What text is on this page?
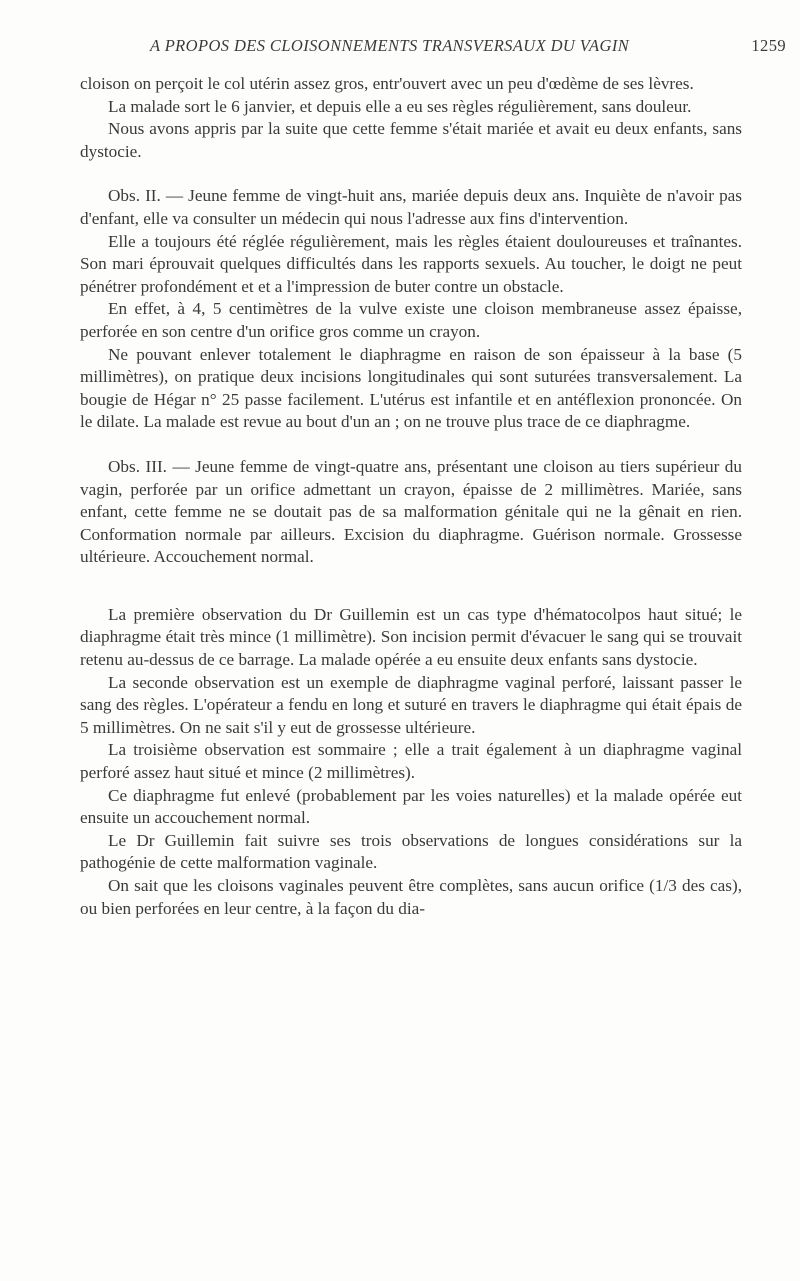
A PROPOS DES CLOISONNEMENTS TRANSVERSAUX DU VAGIN	1259

cloison on perçoit le col utérin assez gros, entr'ouvert avec un peu d'œdème de ses lèvres.

La malade sort le 6 janvier, et depuis elle a eu ses règles régulièrement, sans douleur.

Nous avons appris par la suite que cette femme s'était mariée et avait eu deux enfants, sans dystocie.

Obs. II. — Jeune femme de vingt-huit ans, mariée depuis deux ans. Inquiète de n'avoir pas d'enfant, elle va consulter un médecin qui nous l'adresse aux fins d'intervention.

Elle a toujours été réglée régulièrement, mais les règles étaient douloureuses et traînantes. Son mari éprouvait quelques difficultés dans les rapports sexuels. Au toucher, le doigt ne peut pénétrer profondément et et a l'impression de buter contre un obstacle.

En effet, à 4, 5 centimètres de la vulve existe une cloison membraneuse assez épaisse, perforée en son centre d'un orifice gros comme un crayon.

Ne pouvant enlever totalement le diaphragme en raison de son épaisseur à la base (5 millimètres), on pratique deux incisions longitudinales qui sont suturées transversalement. La bougie de Hégar n° 25 passe facilement. L'utérus est infantile et en antéflexion prononcée. On le dilate. La malade est revue au bout d'un an ; on ne trouve plus trace de ce diaphragme.

Obs. III. — Jeune femme de vingt-quatre ans, présentant une cloison au tiers supérieur du vagin, perforée par un orifice admettant un crayon, épaisse de 2 millimètres. Mariée, sans enfant, cette femme ne se doutait pas de sa malformation génitale qui ne la gênait en rien. Conformation normale par ailleurs. Excision du diaphragme. Guérison normale. Grossesse ultérieure. Accouchement normal.

La première observation du Dr Guillemin est un cas type d'hématocolpos haut situé; le diaphragme était très mince (1 millimètre). Son incision permit d'évacuer le sang qui se trouvait retenu au-dessus de ce barrage. La malade opérée a eu ensuite deux enfants sans dystocie.

La seconde observation est un exemple de diaphragme vaginal perforé, laissant passer le sang des règles. L'opérateur a fendu en long et suturé en travers le diaphragme qui était épais de 5 millimètres. On ne sait s'il y eut de grossesse ultérieure.

La troisième observation est sommaire ; elle a trait également à un diaphragme vaginal perforé assez haut situé et mince (2 millimètres).

Ce diaphragme fut enlevé (probablement par les voies naturelles) et la malade opérée eut ensuite un accouchement normal.

Le Dr Guillemin fait suivre ses trois observations de longues considérations sur la pathogénie de cette malformation vaginale.

On sait que les cloisons vaginales peuvent être complètes, sans aucun orifice (1/3 des cas), ou bien perforées en leur centre, à la façon du dia-
